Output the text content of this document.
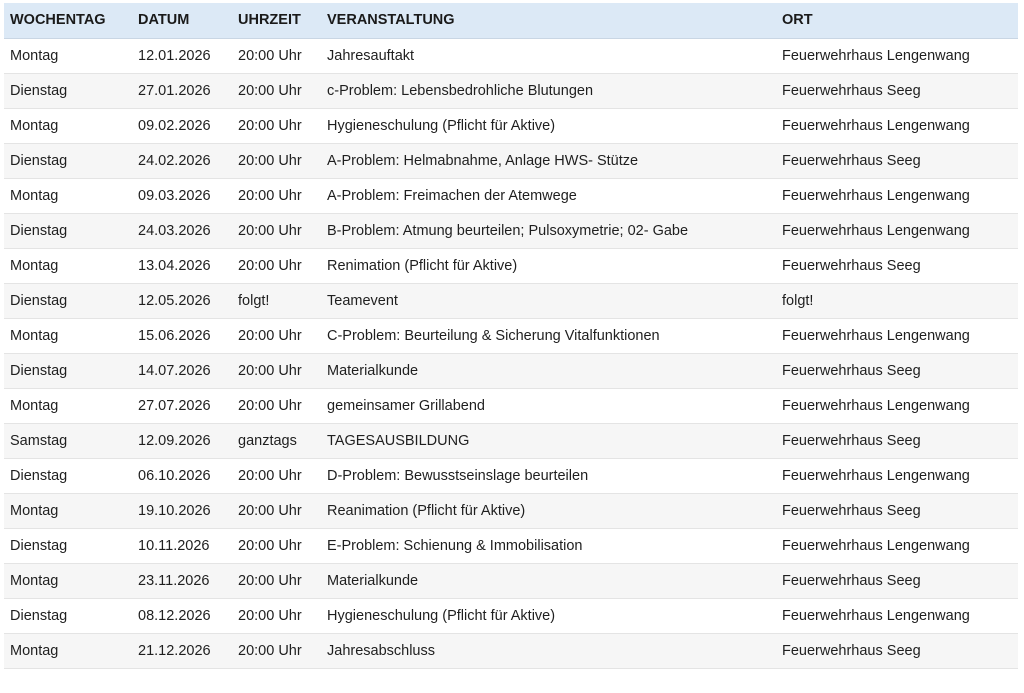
WOCHENTAG	DATUM	UHRZEIT	VERANSTALTUNG	ORT
Montag	12.01.2026	20:00 Uhr	Jahresauftakt	Feuerwehrhaus Lengenwang
Dienstag	27.01.2026	20:00 Uhr	c-Problem: Lebensbedrohliche Blutungen	Feuerwehrhaus Seeg
Montag	09.02.2026	20:00 Uhr	Hygieneschulung (Pflicht für Aktive)	Feuerwehrhaus Lengenwang
Dienstag	24.02.2026	20:00 Uhr	A-Problem: Helmabnahme, Anlage HWS- Stütze	Feuerwehrhaus Seeg
Montag	09.03.2026	20:00 Uhr	A-Problem: Freimachen der Atemwege	Feuerwehrhaus Lengenwang
Dienstag	24.03.2026	20:00 Uhr	B-Problem: Atmung beurteilen; Pulsoxymetrie; 02- Gabe	Feuerwehrhaus Lengenwang
Montag	13.04.2026	20:00 Uhr	Renimation (Pflicht für Aktive)	Feuerwehrhaus Seeg
Dienstag	12.05.2026	folgt!	Teamevent	folgt!
Montag	15.06.2026	20:00 Uhr	C-Problem: Beurteilung & Sicherung Vitalfunktionen	Feuerwehrhaus Lengenwang
Dienstag	14.07.2026	20:00 Uhr	Materialkunde	Feuerwehrhaus Seeg
Montag	27.07.2026	20:00 Uhr	gemeinsamer Grillabend	Feuerwehrhaus Lengenwang
Samstag	12.09.2026	ganztags	TAGESAUSBILDUNG	Feuerwehrhaus Seeg
Dienstag	06.10.2026	20:00 Uhr	D-Problem: Bewusstseinslage beurteilen	Feuerwehrhaus Lengenwang
Montag	19.10.2026	20:00 Uhr	Reanimation (Pflicht für Aktive)	Feuerwehrhaus Seeg
Dienstag	10.11.2026	20:00 Uhr	E-Problem: Schienung & Immobilisation	Feuerwehrhaus Lengenwang
Montag	23.11.2026	20:00 Uhr	Materialkunde	Feuerwehrhaus Seeg
Dienstag	08.12.2026	20:00 Uhr	Hygieneschulung (Pflicht für Aktive)	Feuerwehrhaus Lengenwang
Montag	21.12.2026	20:00 Uhr	Jahresabschluss	Feuerwehrhaus Seeg
